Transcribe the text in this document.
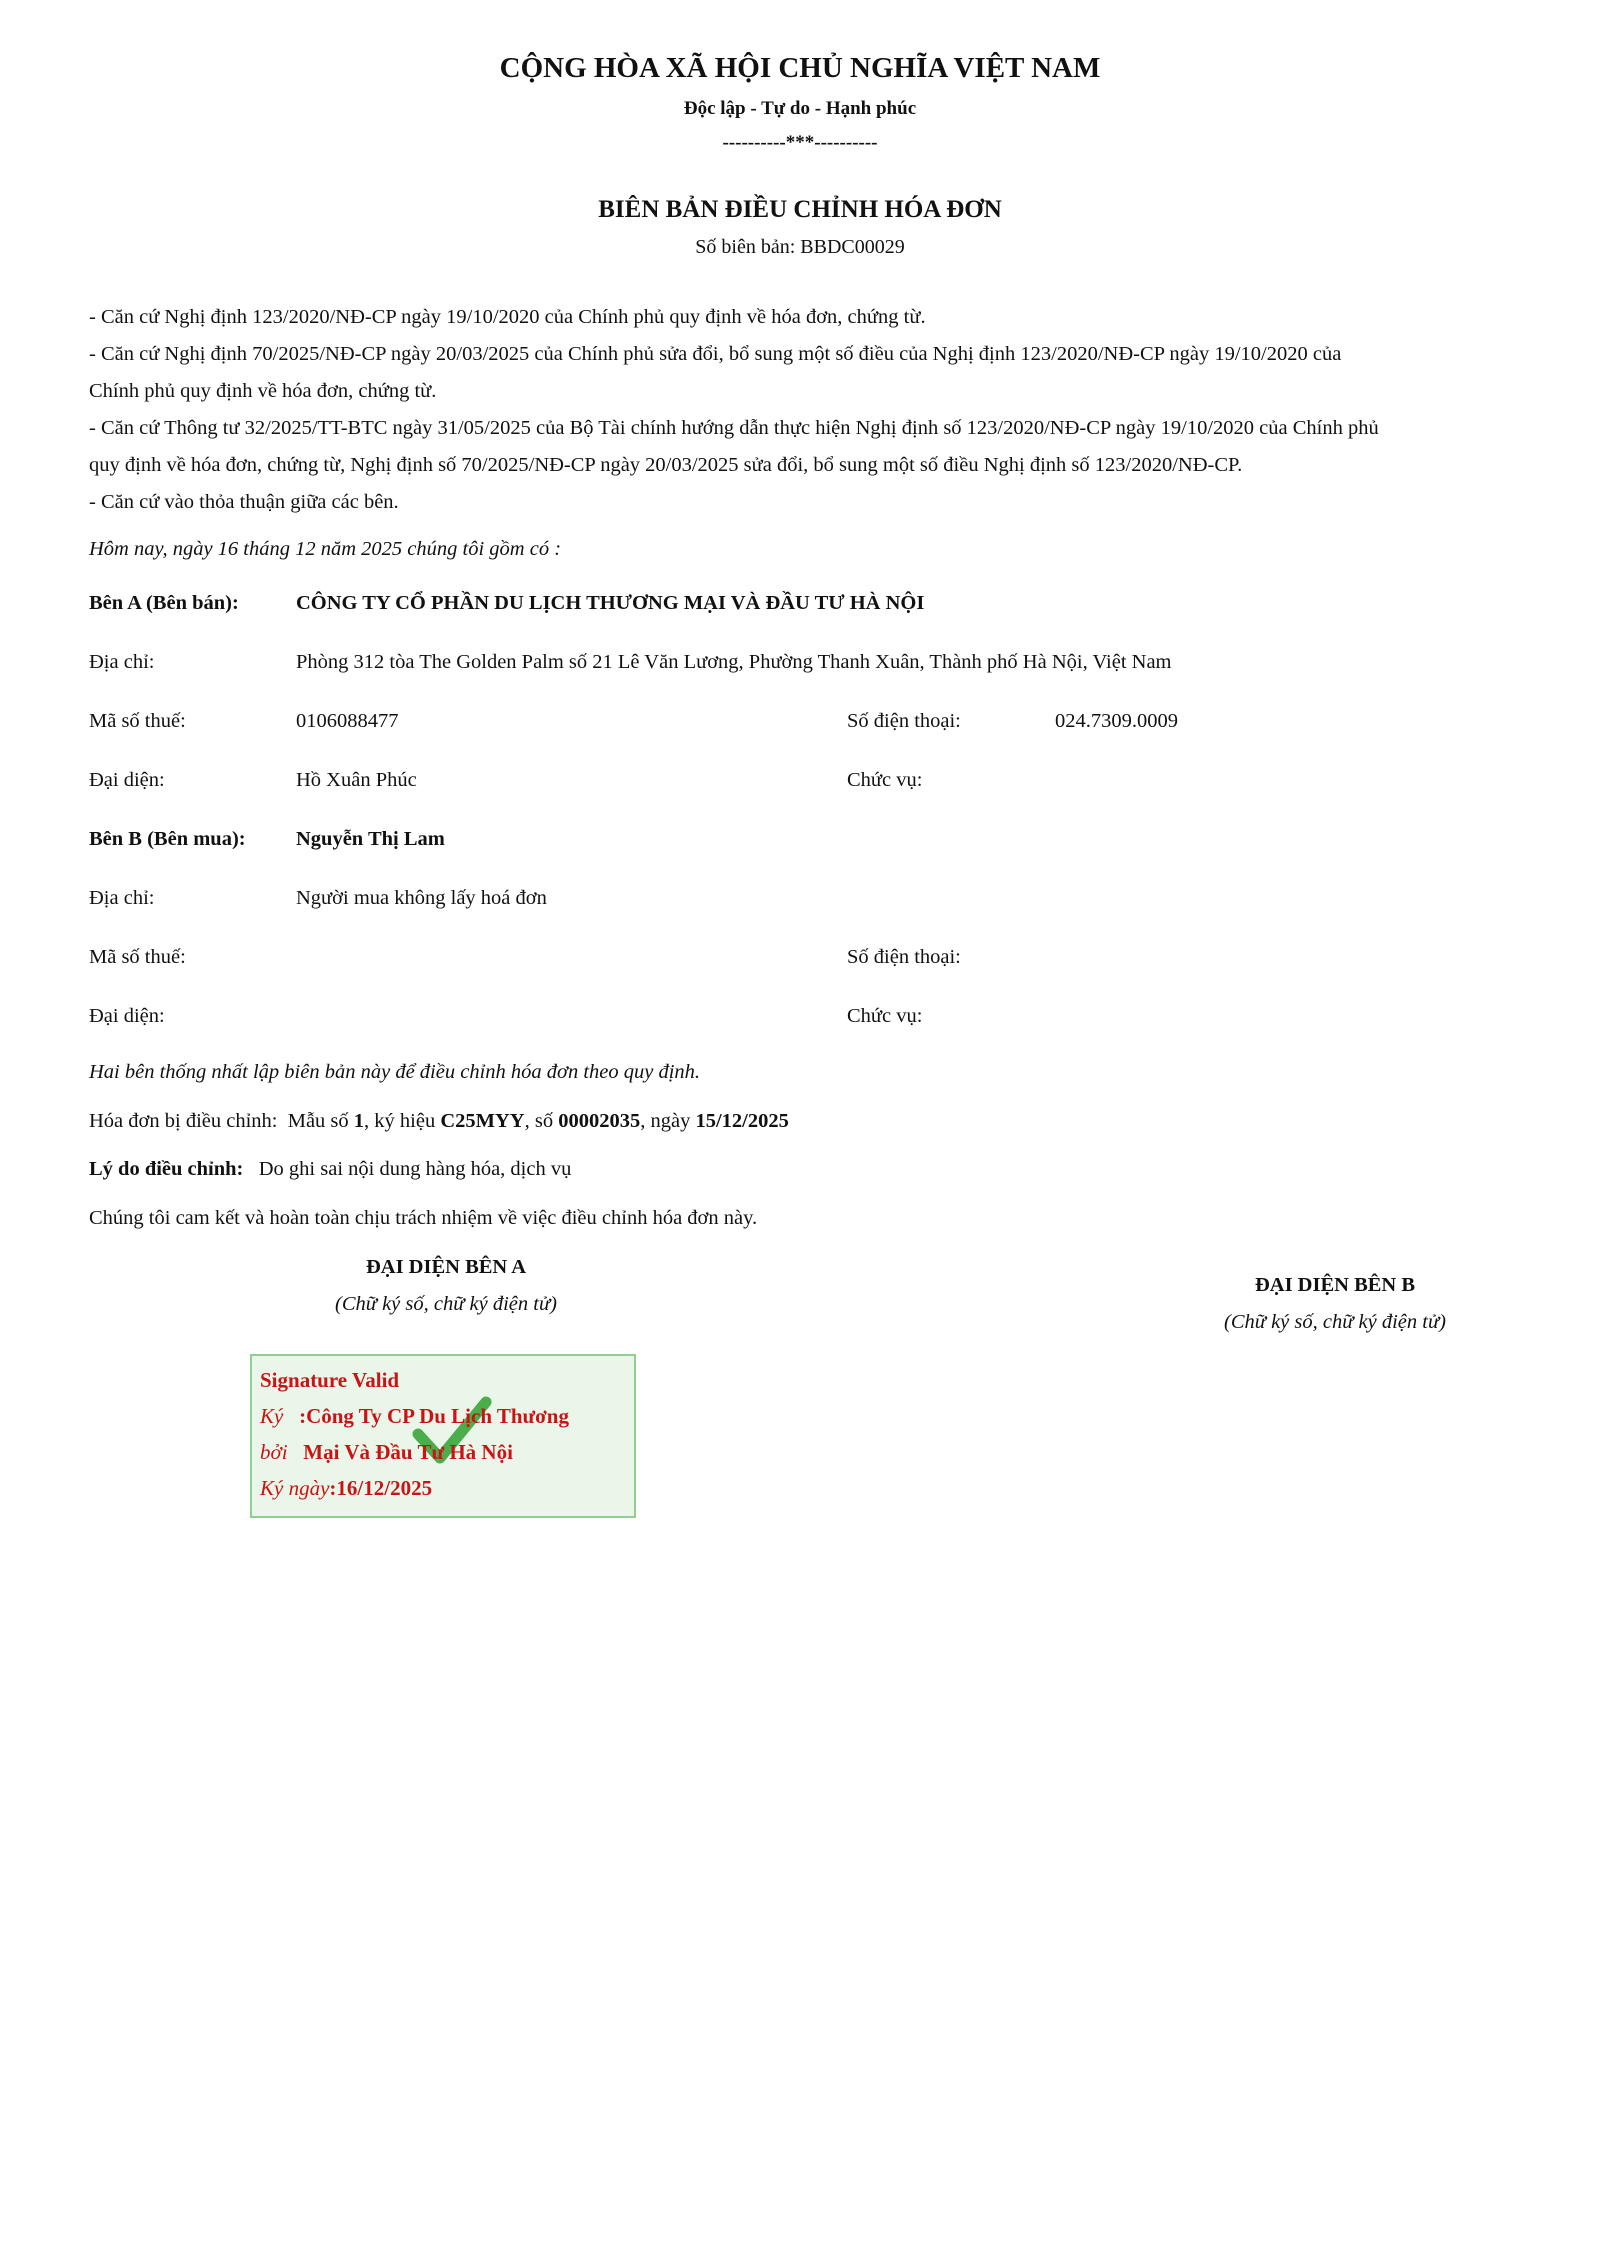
CỘNG HÒA XÃ HỘI CHỦ NGHĨA VIỆT NAM
Độc lập - Tự do - Hạnh phúc
----------***----------
BIÊN BẢN ĐIỀU CHỈNH HÓA ĐƠN
Số biên bản: BBDC00029
- Căn cứ Nghị định 123/2020/NĐ-CP ngày 19/10/2020 của Chính phủ quy định về hóa đơn, chứng từ.
- Căn cứ Nghị định 70/2025/NĐ-CP ngày 20/03/2025 của Chính phủ sửa đổi, bổ sung một số điều của Nghị định 123/2020/NĐ-CP ngày 19/10/2020 của
Chính phủ quy định về hóa đơn, chứng từ.
- Căn cứ Thông tư 32/2025/TT-BTC ngày 31/05/2025 của Bộ Tài chính hướng dẫn thực hiện Nghị định số 123/2020/NĐ-CP ngày 19/10/2020 của Chính phủ
quy định về hóa đơn, chứng từ, Nghị định số 70/2025/NĐ-CP ngày 20/03/2025 sửa đổi, bổ sung một số điều Nghị định số 123/2020/NĐ-CP.
- Căn cứ vào thỏa thuận giữa các bên.
Hôm nay, ngày 16 tháng 12 năm 2025 chúng tôi gồm có :
Bên A (Bên bán):	CÔNG TY CỔ PHẦN DU LỊCH THƯƠNG MẠI VÀ ĐẦU TƯ HÀ NỘI
Địa chỉ:	Phòng 312 tòa The Golden Palm số 21 Lê Văn Lương, Phường Thanh Xuân, Thành phố Hà Nội, Việt Nam
Mã số thuế:	0106088477	Số điện thoại:	024.7309.0009
Đại diện:	Hồ Xuân Phúc	Chức vụ:
Bên B (Bên mua): Nguyễn Thị Lam
Địa chỉ:	Người mua không lấy hoá đơn
Mã số thuế:	Số điện thoại:
Đại diện:	Chức vụ:
Hai bên thống nhất lập biên bản này để điều chỉnh hóa đơn theo quy định.
Hóa đơn bị điều chỉnh: Mẫu số 1, ký hiệu C25MYY, số 00002035, ngày 15/12/2025
Lý do điều chỉnh: Do ghi sai nội dung hàng hóa, dịch vụ
Chúng tôi cam kết và hoàn toàn chịu trách nhiệm về việc điều chỉnh hóa đơn này.
ĐẠI DIỆN BÊN A
(Chữ ký số, chữ ký điện tử)
ĐẠI DIỆN BÊN B
(Chữ ký số, chữ ký điện tử)
Signature Valid
Ký :Công Ty CP Du Lịch Thương
bởi Mại Và Đầu Tư Hà Nội
Ký ngày:16/12/2025
